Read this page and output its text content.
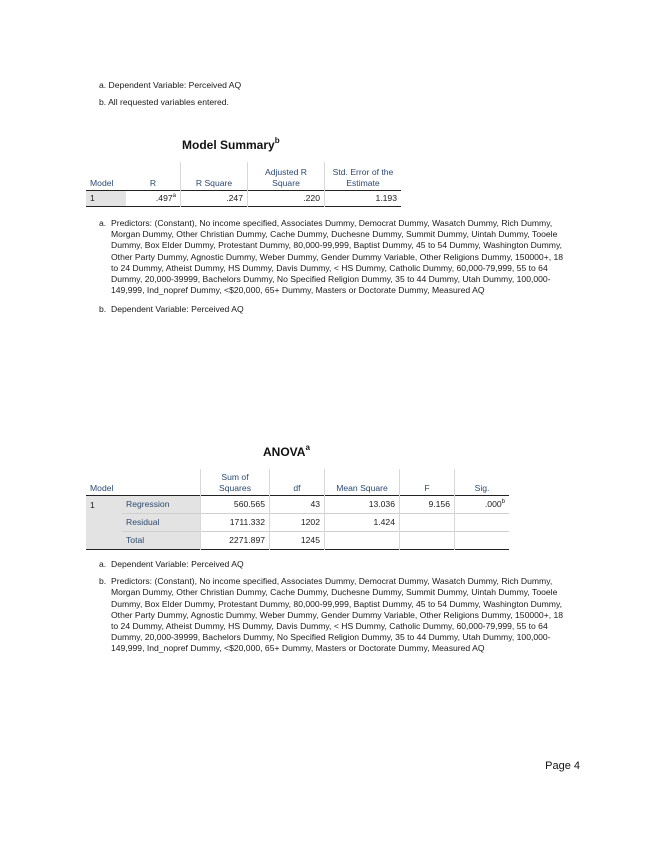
a. Dependent Variable: Perceived AQ
b. All requested variables entered.
Model Summary$^b$
Model	R	R Square	Adjusted R Square	Std. Error of the Estimate
1	.497$^a$	.247	.220	1.193
a. Predictors: (Constant), No income specified, Associates Dummy, Democrat Dummy, Wasatch Dummy, Rich Dummy, Morgan Dummy, Other Christian Dummy, Cache Dummy, Duchesne Dummy, Summit Dummy, Uintah Dummy, Tooele Dummy, Box Elder Dummy, Protestant Dummy, 80,000-99,999, Baptist Dummy, 45 to 54 Dummy, Washington Dummy, Other Party Dummy, Agnostic Dummy, Weber Dummy, Gender Dummy Variable, Other Religions Dummy, 150000+, 18 to 24 Dummy, Atheist Dummy, HS Dummy, Davis Dummy, < HS Dummy, Catholic Dummy, 60,000-79,999, 55 to 64 Dummy, 20,000-39999, Bachelors Dummy, No Specified Religion Dummy, 35 to 44 Dummy, Utah Dummy, 100,000-149,999, Ind_nopref Dummy, <$20,000, 65+ Dummy, Masters or Doctorate Dummy, Measured AQ
b. Dependent Variable: Perceived AQ
ANOVA$^a$
Model		Sum of Squares	df	Mean Square	F	Sig.
1	Regression	560.565	43	13.036	9.156	.000$^b$
	Residual	1711.332	1202	1.424		
	Total	2271.897	1245			
a. Dependent Variable: Perceived AQ
b. Predictors: (Constant), No income specified, Associates Dummy, Democrat Dummy, Wasatch Dummy, Rich Dummy, Morgan Dummy, Other Christian Dummy, Cache Dummy, Duchesne Dummy, Summit Dummy, Uintah Dummy, Tooele Dummy, Box Elder Dummy, Protestant Dummy, 80,000-99,999, Baptist Dummy, 45 to 54 Dummy, Washington Dummy, Other Party Dummy, Agnostic Dummy, Weber Dummy, Gender Dummy Variable, Other Religions Dummy, 150000+, 18 to 24 Dummy, Atheist Dummy, HS Dummy, Davis Dummy, < HS Dummy, Catholic Dummy, 60,000-79,999, 55 to 64 Dummy, 20,000-39999, Bachelors Dummy, No Specified Religion Dummy, 35 to 44 Dummy, Utah Dummy, 100,000-149,999, Ind_nopref Dummy, <$20,000, 65+ Dummy, Masters or Doctorate Dummy, Measured AQ
Page 4
